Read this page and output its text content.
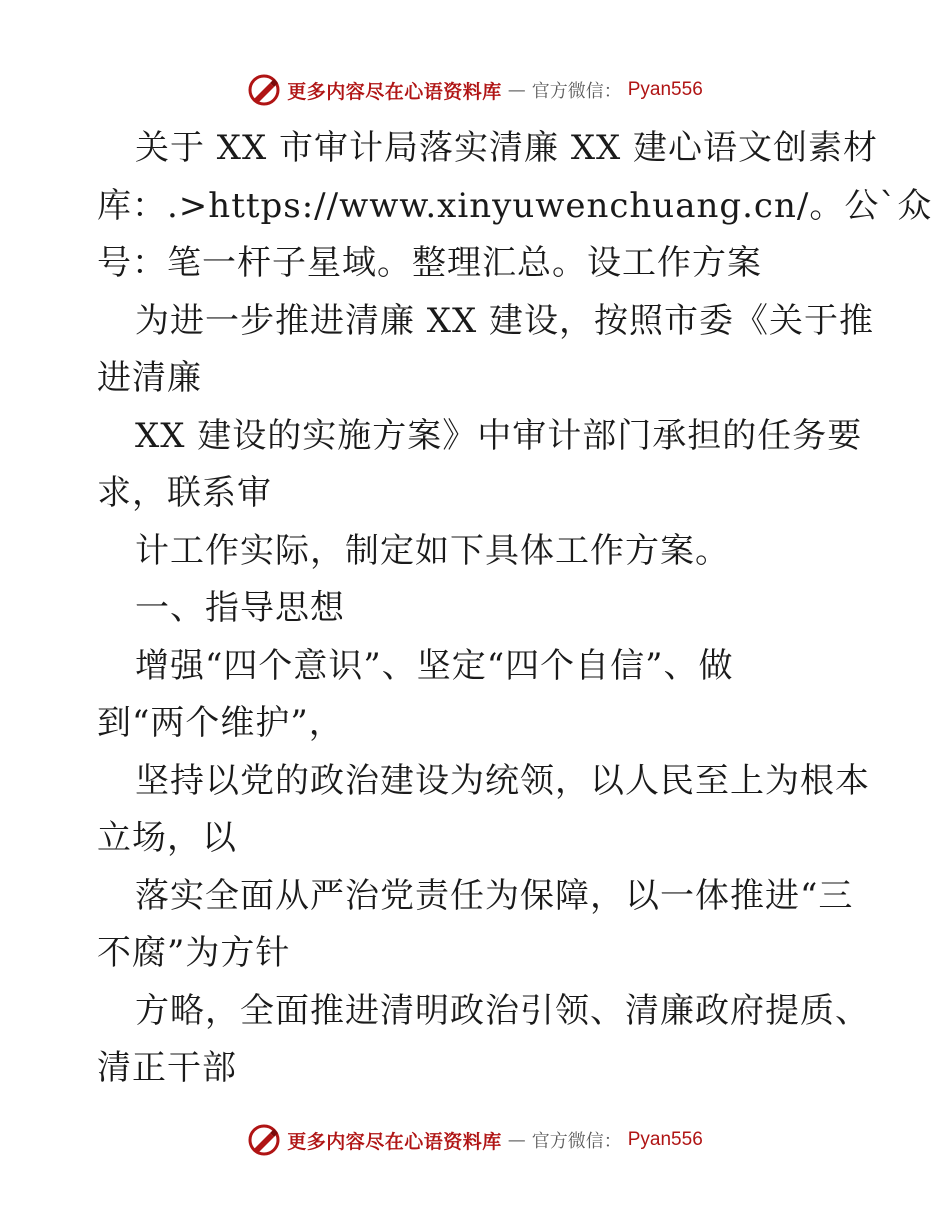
更多内容尽在心语资料库 — 官方微信： Pyan556

关于 XX 市审计局落实清廉 XX 建心语文创素材

库：.>https://www.xinyuwenchuang.cn/。公`众

号：笔一杆子星域。整理汇总。设工作方案

为进一步推进清廉 XX 建设，按照市委《关于推

进清廉

XX 建设的实施方案》中审计部门承担的任务要

求，联系审

计工作实际，制定如下具体工作方案。

一、指导思想

增强“四个意识”、坚定“四个自信”、做

到“两个维护”，

坚持以党的政治建设为统领，以人民至上为根本

立场，以

落实全面从严治党责任为保障，以一体推进“三

不腐”为方针

方略，全面推进清明政治引领、清廉政府提质、

清正干部

更多内容尽在心语资料库 — 官方微信： Pyan556
